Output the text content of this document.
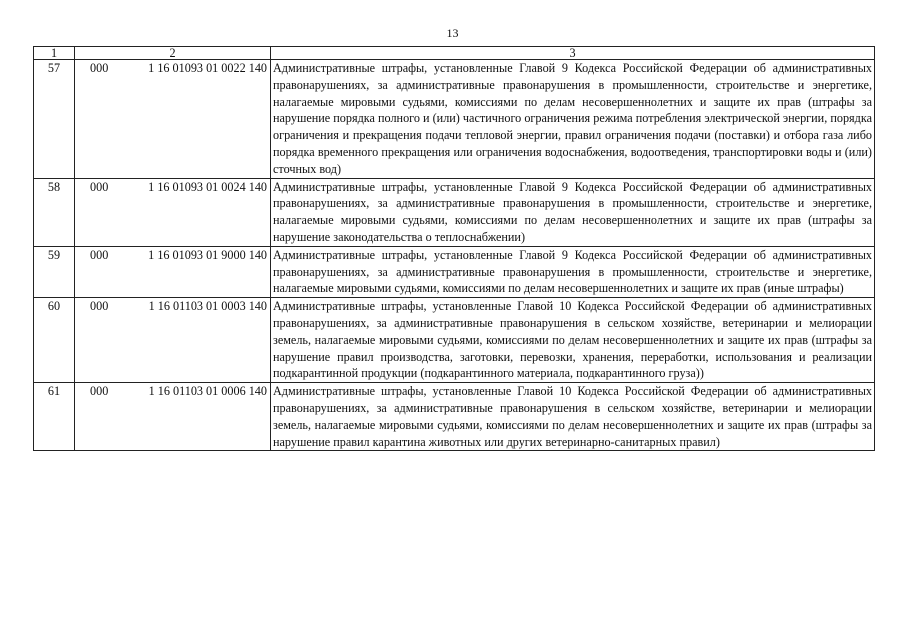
13
1	2	3
57	000 1 16 01093 01 0022 140	Административные штрафы, установленные Главой 9 Кодекса Российской Федерации об административных правонарушениях, за административные правонарушения в промышленности, строительстве и энергетике, налагаемые мировыми судьями, комиссиями по делам несовершеннолетних и защите их прав (штрафы за нарушение порядка полного и (или) частичного ограничения режима потребления электрической энергии, порядка ограничения и прекращения подачи тепловой энергии, правил ограничения подачи (поставки) и отбора газа либо порядка временного прекращения или ограничения водоснабжения, водоотведения, транспортировки воды и (или) сточных вод)
58	000 1 16 01093 01 0024 140	Административные штрафы, установленные Главой 9 Кодекса Российской Федерации об административных правонарушениях, за административные правонарушения в промышленности, строительстве и энергетике, налагаемые мировыми судьями, комиссиями по делам несовершеннолетних и защите их прав (штрафы за нарушение законодательства о теплоснабжении)
59	000 1 16 01093 01 9000 140	Административные штрафы, установленные Главой 9 Кодекса Российской Федерации об административных правонарушениях, за административные правонарушения в промышленности, строительстве и энергетике, налагаемые мировыми судьями, комиссиями по делам несовершеннолетних и защите их прав (иные штрафы)
60	000 1 16 01103 01 0003 140	Административные штрафы, установленные Главой 10 Кодекса Российской Федерации об административных правонарушениях, за административные правонарушения в сельском хозяйстве, ветеринарии и мелиорации земель, налагаемые мировыми судьями, комиссиями по делам несовершеннолетних и защите их прав (штрафы за нарушение правил производства, заготовки, перевозки, хранения, переработки, использования и реализации подкарантинной продукции (подкарантинного материала, подкарантинного груза))
61	000 1 16 01103 01 0006 140	Административные штрафы, установленные Главой 10 Кодекса Российской Федерации об административных правонарушениях, за административные правонарушения в сельском хозяйстве, ветеринарии и мелиорации земель, налагаемые мировыми судьями, комиссиями по делам несовершеннолетних и защите их прав (штрафы за нарушение правил карантина животных или других ветеринарно-санитарных правил)
